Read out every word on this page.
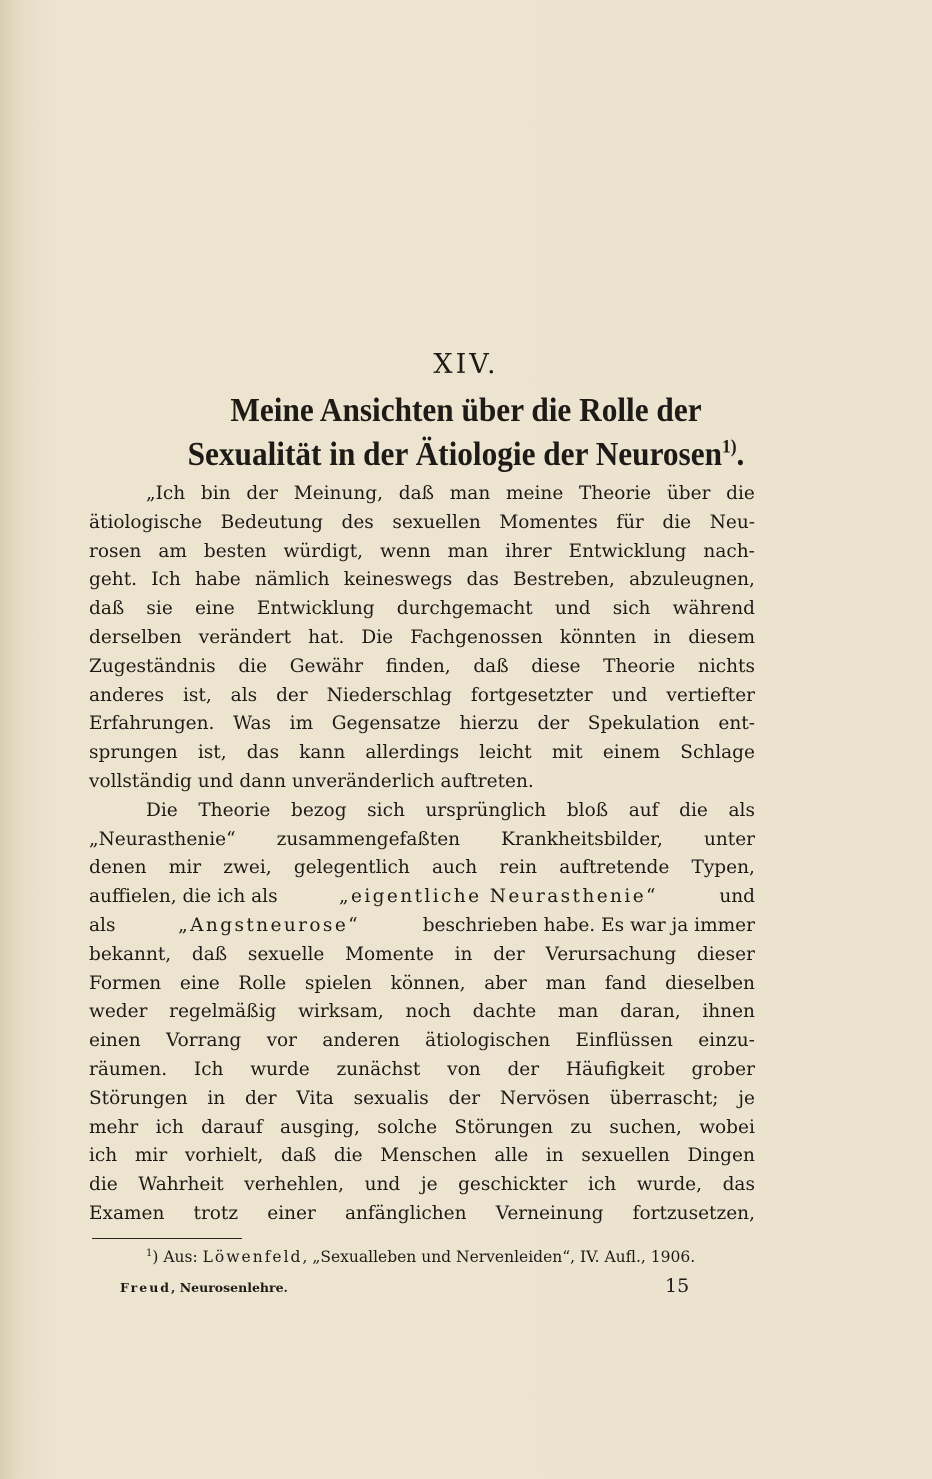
XIV.
Meine Ansichten über die Rolle der
Sexualität in der Ätiologie der Neurosen$^{1)}$.
„Ich bin der Meinung, daß man meine Theorie über die
ätiologische Bedeutung des sexuellen Momentes für die Neu-
rosen am besten würdigt, wenn man ihrer Entwicklung nach-
geht. Ich habe nämlich keineswegs das Bestreben, abzuleugnen,
daß sie eine Entwicklung durchgemacht und sich während
derselben verändert hat. Die Fachgenossen könnten in diesem
Zugeständnis die Gewähr finden, daß diese Theorie nichts
anderes ist, als der Niederschlag fortgesetzter und vertiefter
Erfahrungen. Was im Gegensatze hierzu der Spekulation ent-
sprungen ist, das kann allerdings leicht mit einem Schlage
vollständig und dann unveränderlich auftreten.
Die Theorie bezog sich ursprünglich bloß auf die als
„Neurasthenie“ zusammengefaßten Krankheitsbilder, unter
denen mir zwei, gelegentlich auch rein auftretende Typen,
auffielen, die ich als	„eigentliche Neurasthenie“	und
als	„Angstneurose“	beschrieben habe. Es war ja immer
bekannt, daß sexuelle Momente in der Verursachung dieser
Formen eine Rolle spielen können, aber man fand dieselben
weder regelmäßig wirksam, noch dachte man daran, ihnen
einen Vorrang vor anderen ätiologischen Einflüssen einzu-
räumen. Ich wurde zunächst von der Häufigkeit grober
Störungen in der Vita sexualis der Nervösen überrascht; je
mehr ich darauf ausging, solche Störungen zu suchen, wobei
ich mir vorhielt, daß die Menschen alle in sexuellen Dingen
die Wahrheit verhehlen, und je geschickter ich wurde, das
Examen trotz einer anfänglichen Verneinung fortzusetzen,
$^1$) Aus: Löwenfeld, „Sexualleben und Nervenleiden“, IV. Aufl., 1906.
Freud, Neurosenlehre.	15
